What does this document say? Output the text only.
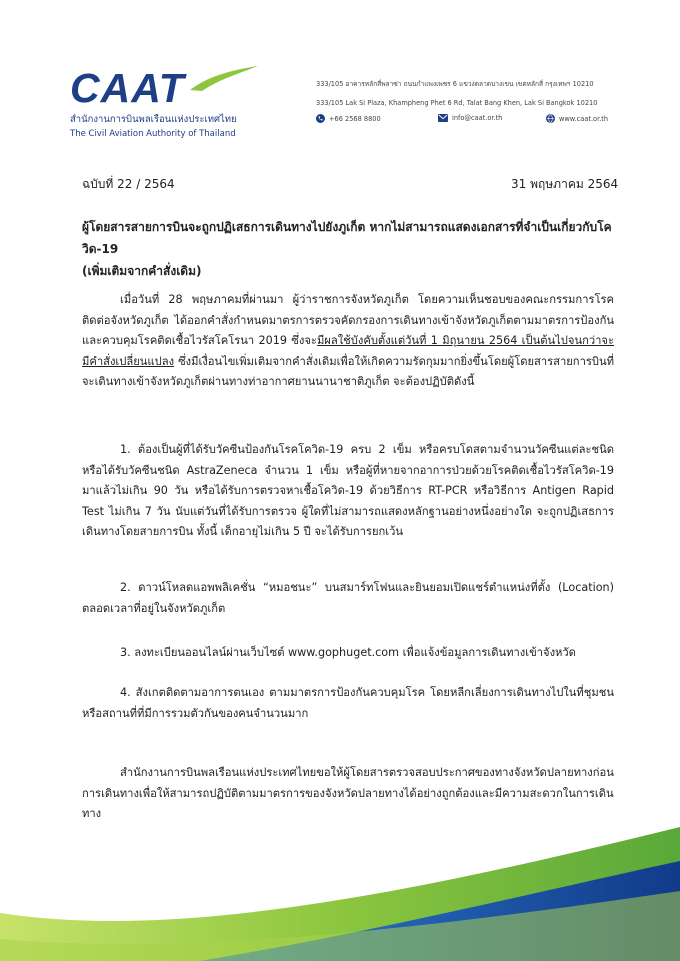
CAAT
สำนักงานการบินพลเรือนแห่งประเทศไทย
The Civil Aviation Authority of Thailand
333/105 อาคารหลักสี่พลาซ่า ถนนกำแพงเพชร 6 แขวงตลาดบางเขน เขตหลักสี่ กรุงเทพฯ 10210
333/105 Lak Si Plaza, Khampheng Phet 6 Rd, Talat Bang Khen, Lak Si Bangkok 10210
+66 2568 8800	info@caat.or.th	www.caat.or.th
ฉบับที่ 22 / 2564	31 พฤษภาคม 2564
ผู้โดยสารสายการบินจะถูกปฏิเสธการเดินทางไปยังภูเก็ต หากไม่สามารถแสดงเอกสารที่จำเป็นเกี่ยวกับโควิด-19
(เพิ่มเติมจากคำสั่งเดิม)
เมื่อวันที่ 28 พฤษภาคมที่ผ่านมา ผู้ว่าราชการจังหวัดภูเก็ต โดยความเห็นชอบของคณะกรรมการโรคติดต่อจังหวัดภูเก็ต ได้ออกคำสั่งกำหนดมาตรการตรวจคัดกรองการเดินทางเข้าจังหวัดภูเก็ตตามมาตรการป้องกันและควบคุมโรคติดเชื้อไวรัสโคโรนา 2019 ซึ่งจะมีผลใช้บังคับตั้งแต่วันที่ 1 มิถุนายน 2564 เป็นต้นไปจนกว่าจะมีคำสั่งเปลี่ยนแปลง ซึ่งมีเงื่อนไขเพิ่มเติมจากคำสั่งเดิมเพื่อให้เกิดความรัดกุมมากยิ่งขึ้นโดยผู้โดยสารสายการบินที่จะเดินทางเข้าจังหวัดภูเก็ตผ่านทางท่าอากาศยานนานาชาติภูเก็ต จะต้องปฏิบัติดังนี้
1. ต้องเป็นผู้ที่ได้รับวัคซีนป้องกันโรคโควิด-19 ครบ 2 เข็ม หรือครบโดสตามจำนวนวัคซีนแต่ละชนิด หรือได้รับวัคซีนชนิด AstraZeneca จำนวน 1 เข็ม หรือผู้ที่หายจากอาการป่วยด้วยโรคติดเชื้อไวรัสโควิด-19 มาแล้วไม่เกิน 90 วัน หรือได้รับการตรวจหาเชื้อโควิด-19 ด้วยวิธีการ RT-PCR หรือวิธีการ Antigen Rapid Test ไม่เกิน 7 วัน นับแต่วันที่ได้รับการตรวจ ผู้ใดที่ไม่สามารถแสดงหลักฐานอย่างหนึ่งอย่างใด จะถูกปฏิเสธการเดินทางโดยสายการบิน ทั้งนี้ เด็กอายุไม่เกิน 5 ปี จะได้รับการยกเว้น
2. ดาวน์โหลดแอพพลิเคชั่น “หมอชนะ” บนสมาร์ทโฟนและยินยอมเปิดแชร์ตำแหน่งที่ตั้ง (Location) ตลอดเวลาที่อยู่ในจังหวัดภูเก็ต
3. ลงทะเบียนออนไลน์ผ่านเว็บไซต์ www.gophuget.com เพื่อแจ้งข้อมูลการเดินทางเข้าจังหวัด
4. สังเกตติดตามอาการตนเอง ตามมาตรการป้องกันควบคุมโรค โดยหลีกเลี่ยงการเดินทางไปในที่ชุมชน หรือสถานที่ที่มีการรวมตัวกันของคนจำนวนมาก
สำนักงานการบินพลเรือนแห่งประเทศไทยขอให้ผู้โดยสารตรวจสอบประกาศของทางจังหวัดปลายทางก่อนการเดินทางเพื่อให้สามารถปฏิบัติตามมาตรการของจังหวัดปลายทางได้อย่างถูกต้องและมีความสะดวกในการเดินทาง
